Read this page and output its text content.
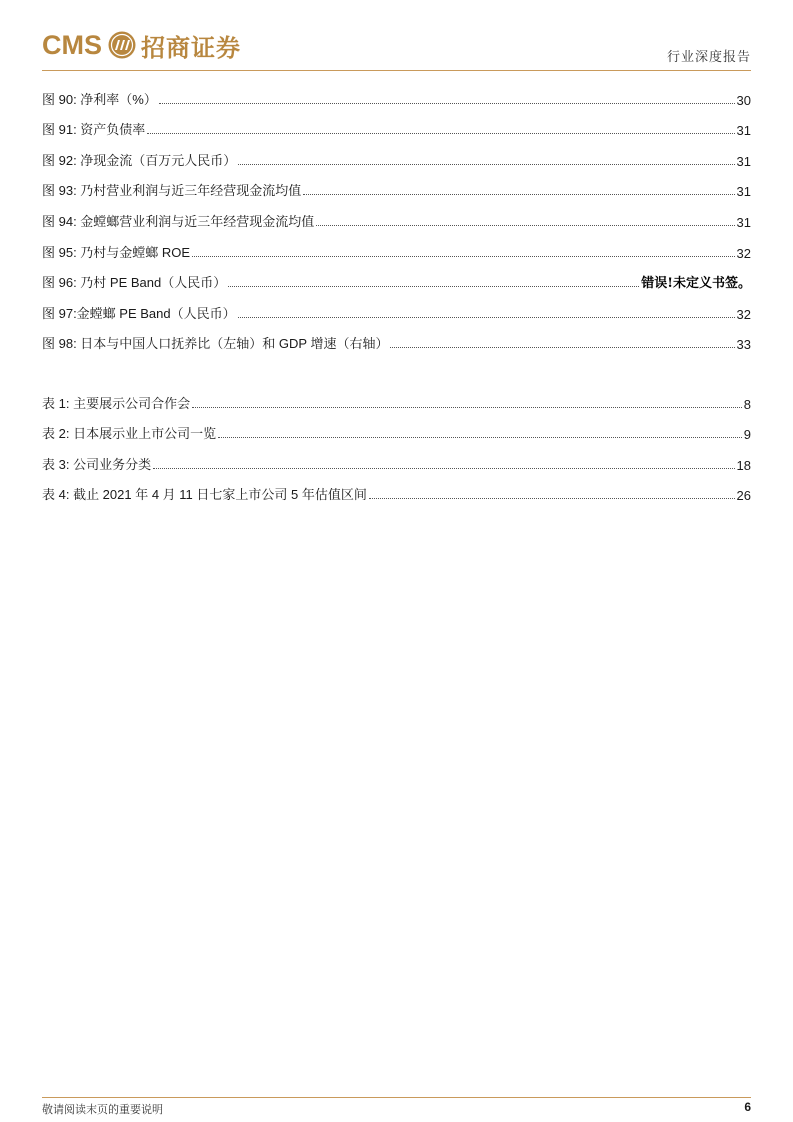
CMS 招商证券	行业深度报告
图 90: 净利率（%）	30
图 91: 资产负债率	31
图 92: 净现金流（百万元人民币）	31
图 93: 乃村营业利润与近三年经营现金流均值	31
图 94: 金螳螂营业利润与近三年经营现金流均值	31
图 95: 乃村与金螳螂 ROE	32
图 96: 乃村 PE Band（人民币）	错误!未定义书签。
图 97:金螳螂 PE Band（人民币）	32
图 98: 日本与中国人口抚养比（左轴）和 GDP 增速（右轴）	33
表 1: 主要展示公司合作会	8
表 2: 日本展示业上市公司一览	9
表 3: 公司业务分类	18
表 4: 截止 2021 年 4 月 11 日七家上市公司 5 年估值区间	26
敬请阅读末页的重要说明	6
